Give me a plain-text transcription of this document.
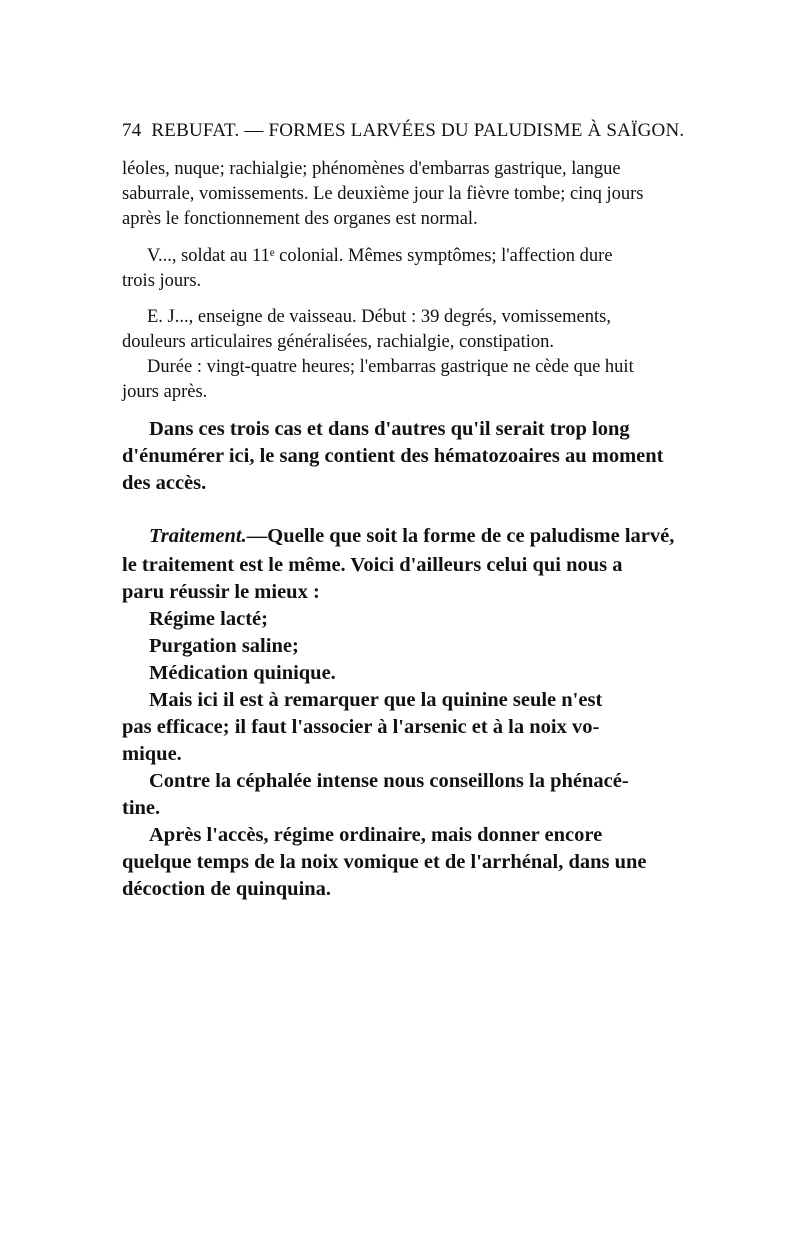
74 REBUFAT. — FORMES LARVÉES DU PALUDISME À SAÏGON.
léoles, nuque; rachialgie; phénomènes d'embarras gastrique, langue
saburrale, vomissements. Le deuxième jour la fièvre tombe; cinq jours
après le fonctionnement des organes est normal.
V..., soldat au 11ᵉ colonial. Mêmes symptômes; l'affection dure
trois jours.
E. J..., enseigne de vaisseau. Début : 39 degrés, vomissements,
douleurs articulaires généralisées, rachialgie, constipation.
Durée : vingt-quatre heures; l'embarras gastrique ne cède que huit
jours après.
Dans ces trois cas et dans d'autres qu'il serait trop long
d'énumérer ici, le sang contient des hématozoaires au moment
des accès.
Traitement.—Quelle que soit la forme de ce paludisme larvé,
le traitement est le même. Voici d'ailleurs celui qui nous a
paru réussir le mieux :
Régime lacté;
Purgation saline;
Médication quinique.
Mais ici il est à remarquer que la quinine seule n'est
pas efficace; il faut l'associer à l'arsenic et à la noix vo-
mique.
Contre la céphalée intense nous conseillons la phénacé-
tine.
Après l'accès, régime ordinaire, mais donner encore
quelque temps de la noix vomique et de l'arrhénal, dans une
décoction de quinquina.
